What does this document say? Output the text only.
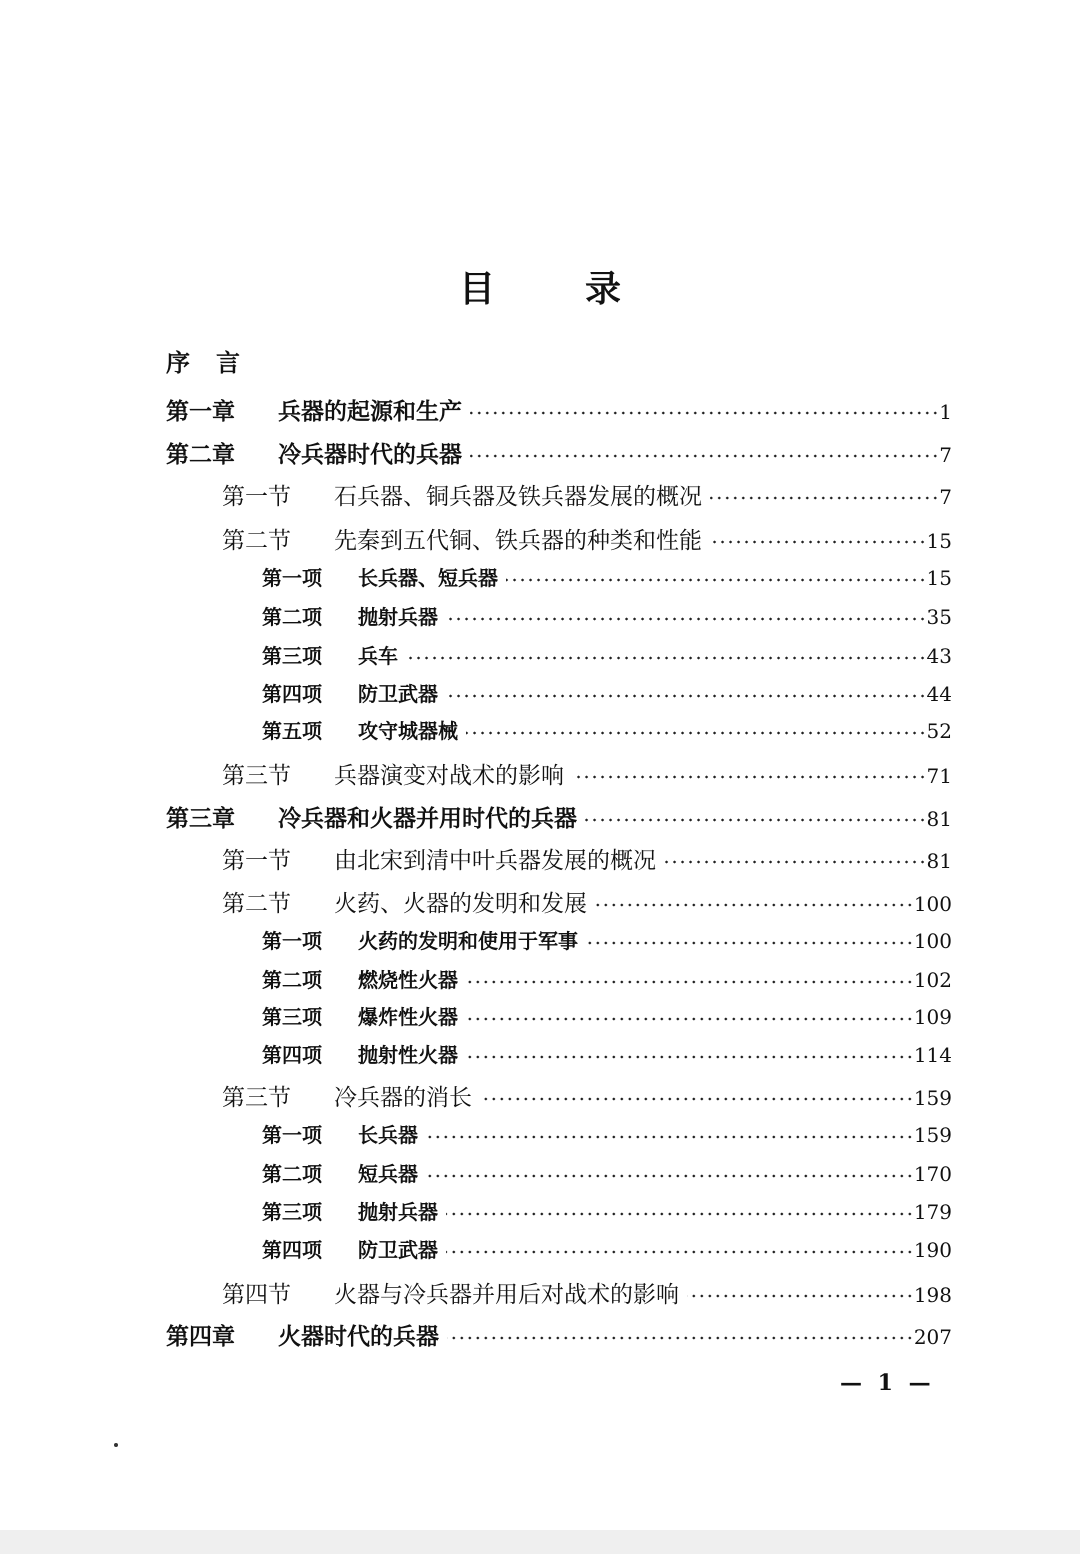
目录
序言
第一章	兵器的起源和生产	1
第二章	冷兵器时代的兵器	7
第一节	石兵器、铜兵器及铁兵器发展的概况	7
第二节	先秦到五代铜、铁兵器的种类和性能	15
第一项	长兵器、短兵器	15
第二项	抛射兵器	35
第三项	兵车	43
第四项	防卫武器	44
第五项	攻守城器械	52
第三节	兵器演变对战术的影响	71
第三章	冷兵器和火器并用时代的兵器	81
第一节	由北宋到清中叶兵器发展的概况	81
第二节	火药、火器的发明和发展	100
第一项	火药的发明和使用于军事	100
第二项	燃烧性火器	102
第三项	爆炸性火器	109
第四项	抛射性火器	114
第三节	冷兵器的消长	159
第一项	长兵器	159
第二项	短兵器	170
第三项	抛射兵器	179
第四项	防卫武器	190
第四节	火器与冷兵器并用后对战术的影响	198
第四章	火器时代的兵器	207
— 1 —
